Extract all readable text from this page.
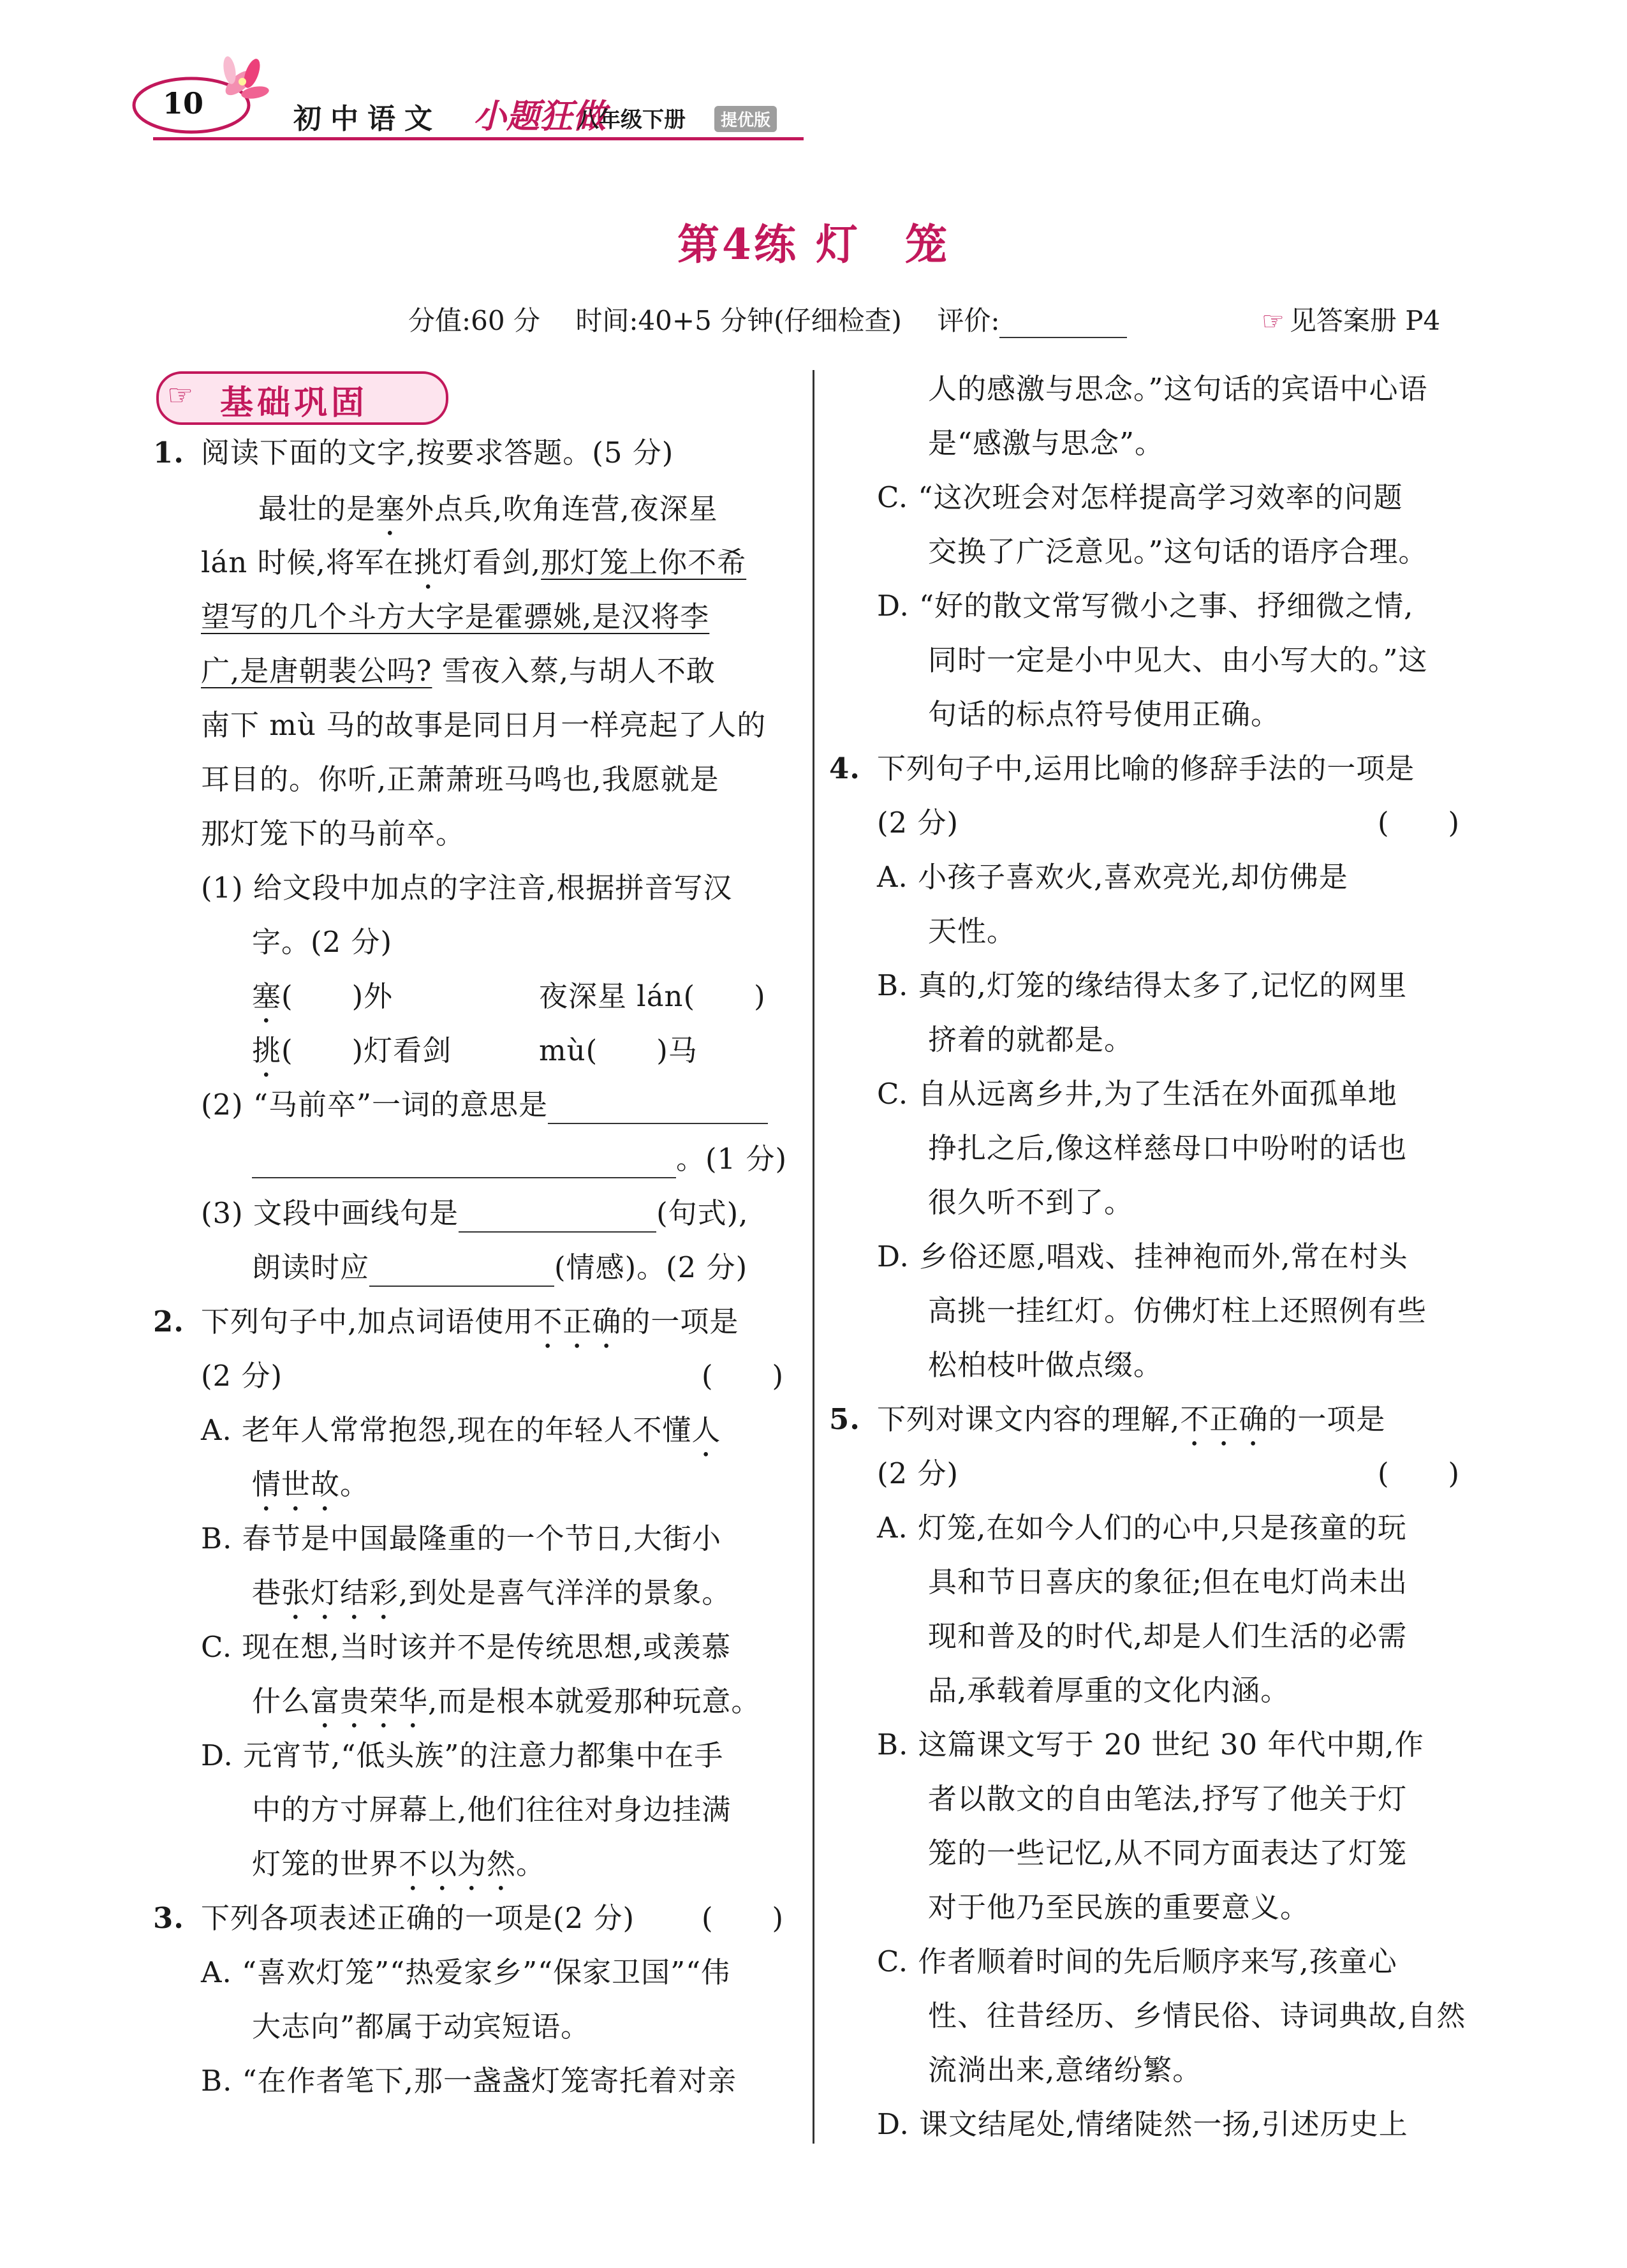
10	初中语文 小题狂做
八年级下册	提优版
第4练 灯　笼
分值:60 分　 时间:40+5 分钟(仔细检查)　 评价:	☞ 见答案册 P4
☞ 基础巩固
1. 阅读下面的文字,按要求答题。(5 分)
最壮的是塞外点兵,吹角连营,夜深星
lán 时候,将军在挑灯看剑,那灯笼上你不希
望写的几个斗方大字是霍骠姚,是汉将李
广,是唐朝裴公吗? 雪夜入蔡,与胡人不敢
南下 mù 马的故事是同日月一样亮起了人的
耳目的。你听,正萧萧班马鸣也,我愿就是
那灯笼下的马前卒。
(1) 给文段中加点的字注音,根据拼音写汉
字。(2 分)
塞(　　)外	夜深星 lán(　　)
挑(　　)灯看剑	mù(　　)马
(2) “马前卒”一词的意思是
。(1 分)
(3) 文段中画线句是	(句式),
朗读时应	(情感)。(2 分)
2. 下列句子中,加点词语使用不正确的一项是
(2 分)	(　　)
A. 老年人常常抱怨,现在的年轻人不懂人
情世故。
B. 春节是中国最隆重的一个节日,大街小
巷张灯结彩,到处是喜气洋洋的景象。
C. 现在想,当时该并不是传统思想,或羡慕
什么富贵荣华,而是根本就爱那种玩意。
D. 元宵节,“低头族”的注意力都集中在手
中的方寸屏幕上,他们往往对身边挂满
灯笼的世界不以为然。
3. 下列各项表述正确的一项是(2 分) (　　)
A. “喜欢灯笼”“热爱家乡”“保家卫国”“伟
大志向”都属于动宾短语。
B. “在作者笔下,那一盏盏灯笼寄托着对亲
人的感激与思念。”这句话的宾语中心语
是“感激与思念”。
C. “这次班会对怎样提高学习效率的问题
交换了广泛意见。”这句话的语序合理。
D. “好的散文常写微小之事、抒细微之情,
同时一定是小中见大、由小写大的。”这
句话的标点符号使用正确。
4. 下列句子中,运用比喻的修辞手法的一项是
(2 分)	(　　)
A. 小孩子喜欢火,喜欢亮光,却仿佛是
天性。
B. 真的,灯笼的缘结得太多了,记忆的网里
挤着的就都是。
C. 自从远离乡井,为了生活在外面孤单地
挣扎之后,像这样慈母口中吩咐的话也
很久听不到了。
D. 乡俗还愿,唱戏、挂神袍而外,常在村头
高挑一挂红灯。仿佛灯柱上还照例有些
松柏枝叶做点缀。
5. 下列对课文内容的理解,不正确的一项是
(2 分)	(　　)
A. 灯笼,在如今人们的心中,只是孩童的玩
具和节日喜庆的象征;但在电灯尚未出
现和普及的时代,却是人们生活的必需
品,承载着厚重的文化内涵。
B. 这篇课文写于 20 世纪 30 年代中期,作
者以散文的自由笔法,抒写了他关于灯
笼的一些记忆,从不同方面表达了灯笼
对于他乃至民族的重要意义。
C. 作者顺着时间的先后顺序来写,孩童心
性、往昔经历、乡情民俗、诗词典故,自然
流淌出来,意绪纷繁。
D. 课文结尾处,情绪陡然一扬,引述历史上
